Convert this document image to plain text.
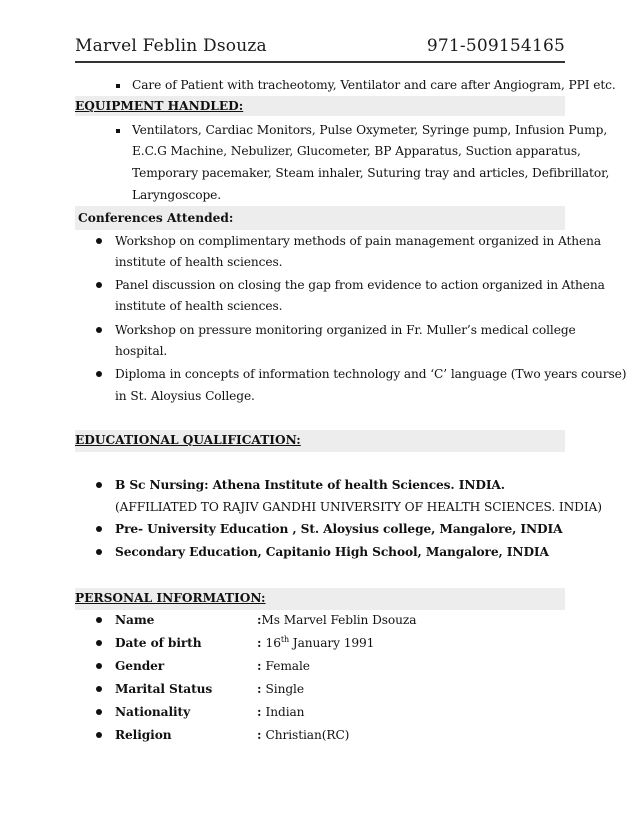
Marvel Feblin Dsouza	971-509154165
Care of Patient with tracheotomy, Ventilator and care after Angiogram, PPI etc.
EQUIPMENT HANDLED:
Ventilators, Cardiac Monitors, Pulse Oxymeter, Syringe pump, Infusion Pump,
E.C.G Machine, Nebulizer, Glucometer, BP Apparatus, Suction apparatus,
Temporary pacemaker, Steam inhaler, Suturing tray and articles, Defibrillator,
Laryngoscope.
Conferences Attended:
Workshop on complimentary methods of pain management organized in Athena
institute of health sciences.
Panel discussion on closing the gap from evidence to action organized in Athena
institute of health sciences.
Workshop on pressure monitoring organized in Fr. Muller’s medical college
hospital.
Diploma in concepts of information technology and ‘C’ language (Two years course)
in St. Aloysius College.
EDUCATIONAL QUALIFICATION:
B Sc Nursing: Athena Institute of health Sciences. INDIA.
(AFFILIATED TO RAJIV GANDHI UNIVERSITY OF HEALTH SCIENCES. INDIA)
Pre- University Education , St. Aloysius college, Mangalore, INDIA
Secondary Education, Capitanio High School, Mangalore, INDIA
PERSONAL INFORMATION:
Name	:Ms Marvel Feblin Dsouza
Date of birth	: 16th January 1991
Gender	: Female
Marital Status	: Single
Nationality	: Indian
Religion	: Christian(RC)
